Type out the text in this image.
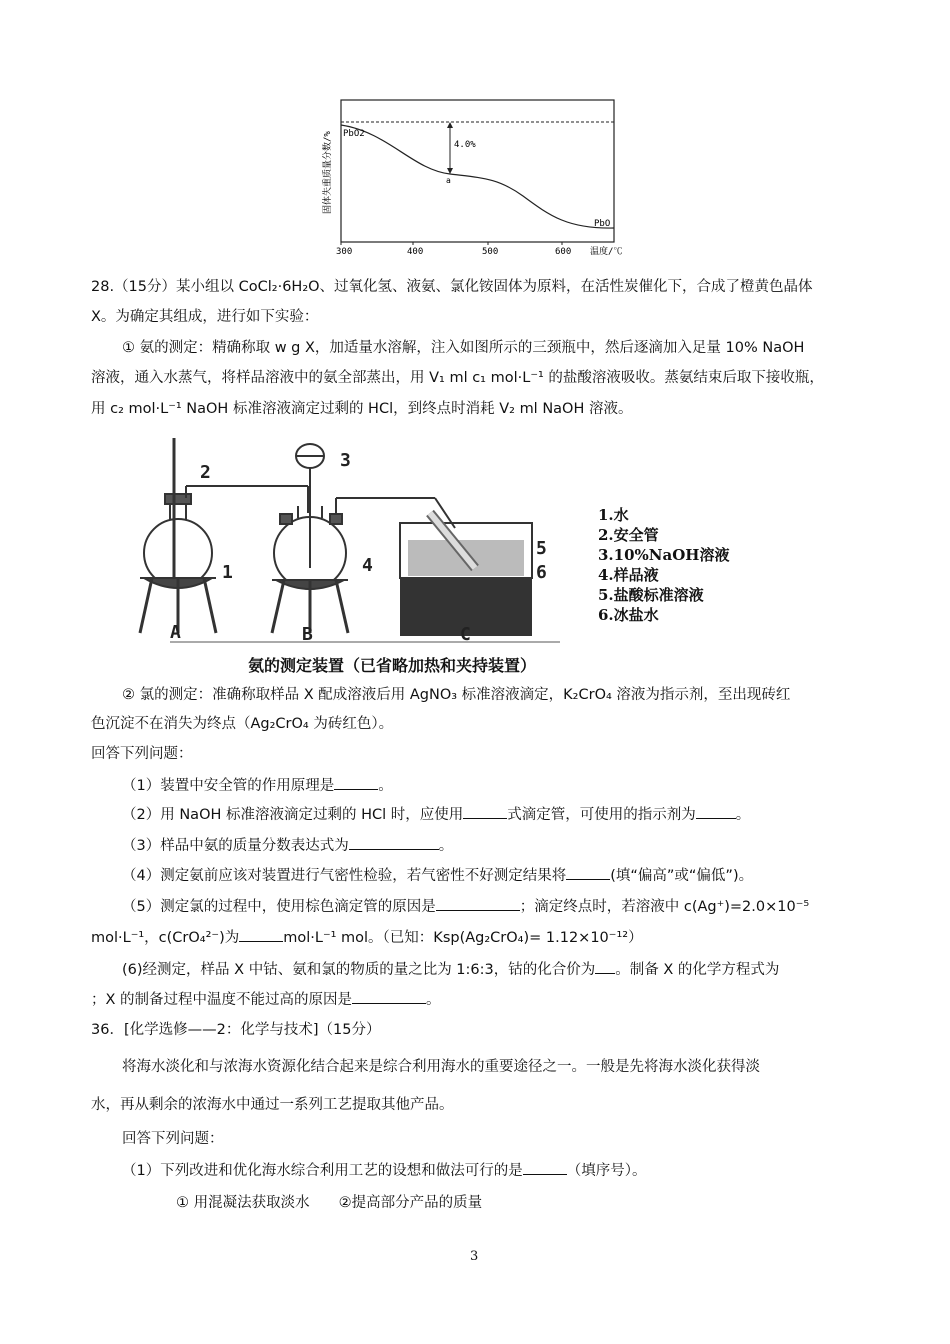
固体失重质量分数/% PbO2
4.0%
a
PbO
300	400	500	600 温度/℃
28.（15分）某小组以 CoCl₂·6H₂O、过氧化氢、液氨、氯化铵固体为原料，在活性炭催化下，合成了橙黄色晶体
X。为确定其组成，进行如下实验：
① 氨的测定：精确称取 w g X，加适量水溶解，注入如图所示的三颈瓶中，然后逐滴加入足量 10% NaOH
溶液，通入水蒸气，将样品溶液中的氨全部蒸出，用 V₁ ml c₁ mol·L⁻¹ 的盐酸溶液吸收。蒸氨结束后取下接收瓶，
用 c₂ mol·L⁻¹ NaOH 标准溶液滴定过剩的 HCl，到终点时消耗 V₂ ml NaOH 溶液。
2
1
3
4
5
6
A	B	C
1.水
2.安全管
3.10%NaOH溶液
4.样品液
5.盐酸标准溶液
6.冰盐水
氨的测定装置（已省略加热和夹持装置）
② 氯的测定：准确称取样品 X 配成溶液后用 AgNO₃ 标准溶液滴定，K₂CrO₄ 溶液为指示剂，至出现砖红
色沉淀不在消失为终点（Ag₂CrO₄ 为砖红色）。
回答下列问题：
（1）装置中安全管的作用原理是	。
（2）用 NaOH 标准溶液滴定过剩的 HCl 时，应使用	式滴定管，可使用的指示剂为	。
（3）样品中氨的质量分数表达式为	。
（4）测定氨前应该对装置进行气密性检验，若气密性不好测定结果将	(填“偏高”或“偏低”)。
（5）测定氯的过程中，使用棕色滴定管的原因是	；滴定终点时，若溶液中 c(Ag⁺)=2.0×10⁻⁵
mol·L⁻¹，c(CrO₄²⁻)为	mol·L⁻¹ mol。（已知：Ksp(Ag₂CrO₄)= 1.12×10⁻¹²）
(6)经测定，样品 X 中钴、氨和氯的物质的量之比为 1:6:3，钴的化合价为 。制备 X 的化学方程式为
；X 的制备过程中温度不能过高的原因是	。
36．[化学选修——2：化学与技术]（15分）
将海水淡化和与浓海水资源化结合起来是综合利用海水的重要途径之一。一般是先将海水淡化获得淡
水，再从剩余的浓海水中通过一系列工艺提取其他产品。
回答下列问题：
（1）下列改进和优化海水综合利用工艺的设想和做法可行的是	（填序号）。
① 用混凝法获取淡水　　②提高部分产品的质量
3
